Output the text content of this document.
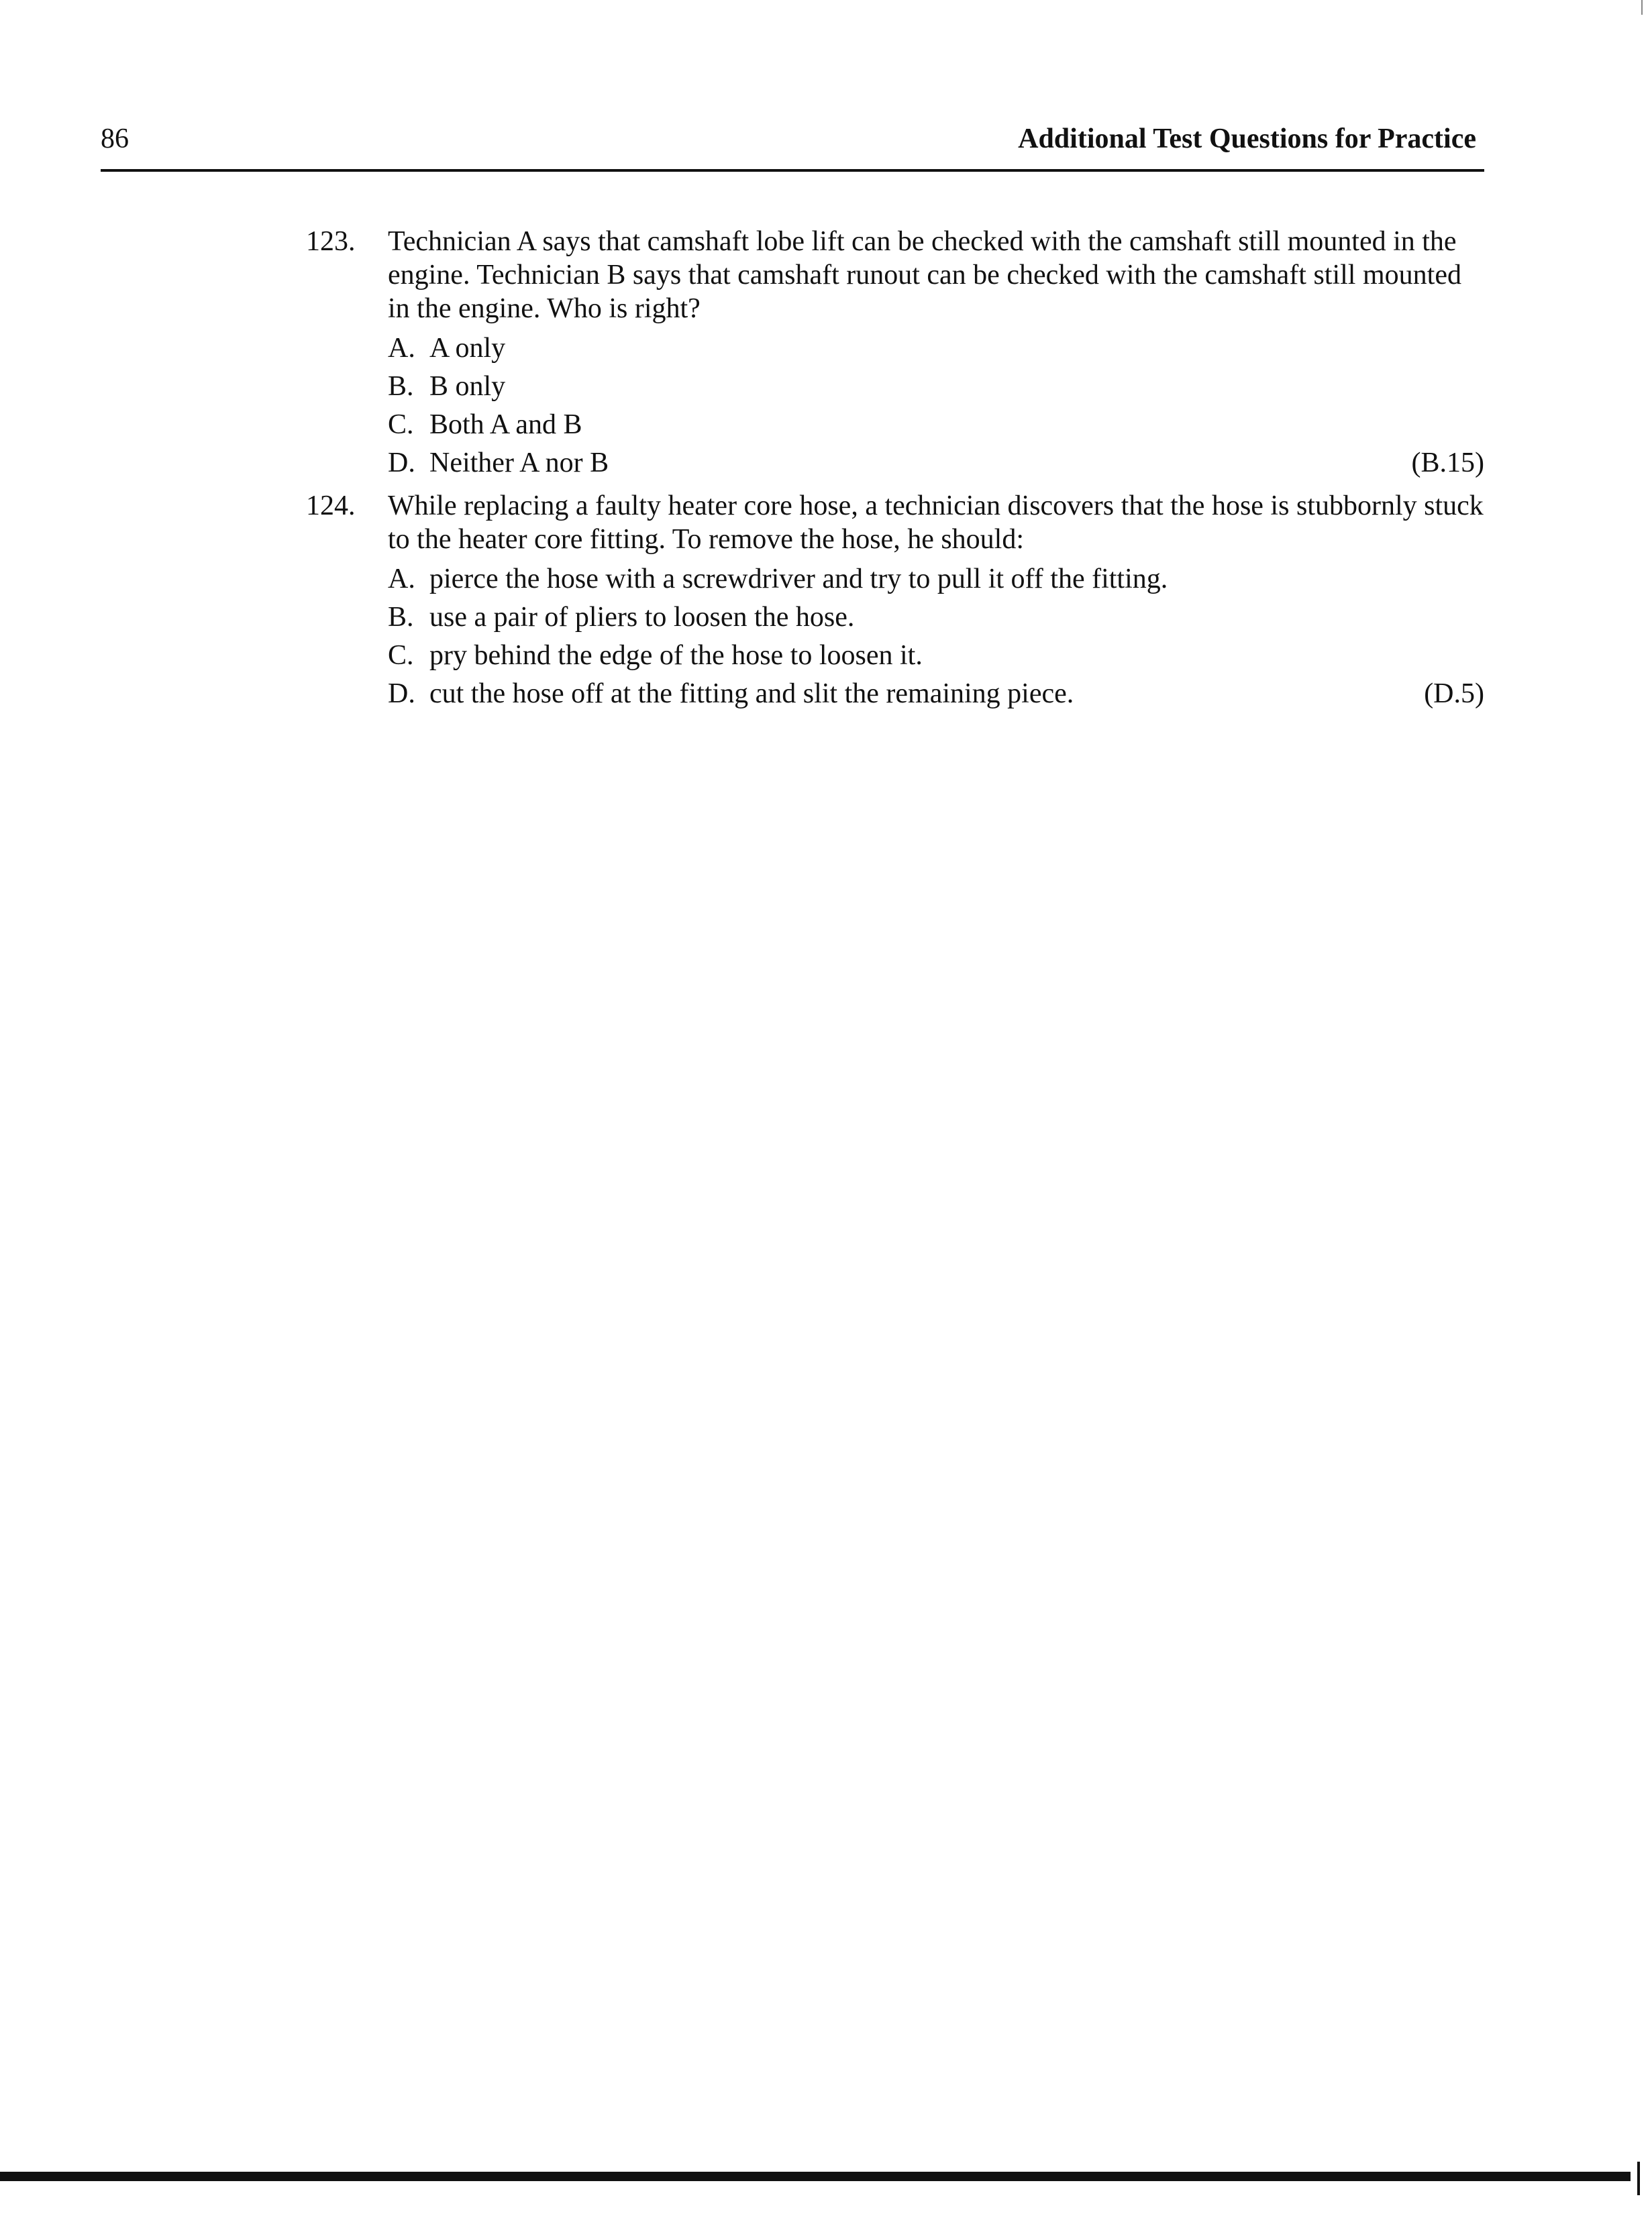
86	Additional Test Questions for Practice
123.	Technician A says that camshaft lobe lift can be checked with the camshaft still mounted in the engine. Technician B says that camshaft runout can be checked with the camshaft still mounted in the engine. Who is right?
A. A only
B. B only
C. Both A and B
D. Neither A nor B	(B.15)
124.	While replacing a faulty heater core hose, a technician discovers that the hose is stubbornly stuck to the heater core fitting. To remove the hose, he should:
A. pierce the hose with a screwdriver and try to pull it off the fitting.
B. use a pair of pliers to loosen the hose.
C. pry behind the edge of the hose to loosen it.
D. cut the hose off at the fitting and slit the remaining piece.	(D.5)
